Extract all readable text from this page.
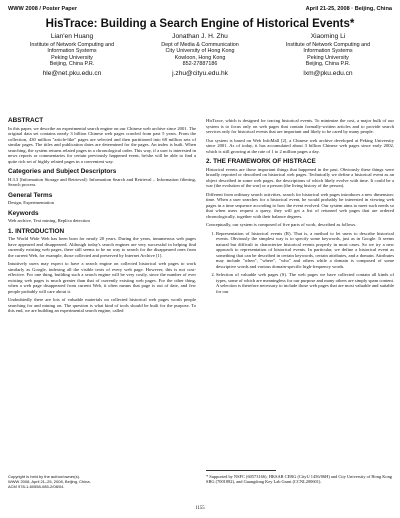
WWW 2008 / Poster Paper	April 21-25, 2008 · Beijing, China
HisTrace: Building a Search Engine of Historical Events*
Lian'en Huang
Institute of Network Computing and
Information Systems
Peking University
Beijing, China P.R.
hle@net.pku.edu.cn
Jonathan J. H. Zhu
Dept of Media & Communication
City University of Hong Kong
Kowloon, Hong Kong
852-27887186
j.zhu@cityu.edu.hk
Xiaoming Li
Institute of Network Computing and
Information Systems
Peking University
Beijing, China P.R.
lxm@pku.edu.cn
ABSTRACT

In this paper, we describe an experimental search engine on our Chinese web archive since 2001. The original data set contains nearly 3 billion Chinese web pages crawled from past 5 years. From the collection, 430 million "article-like" pages are selected and then partitioned into 68 million sets of similar pages. The titles and publication dates are determined for the pages. An index is built. When searching, the system returns related pages in a chronological order. This way, if a user is interested in news reports or commentaries for certain previously happened event, he/she will be able to find a quite rich set of highly related pages in a convenient way.

Categories and Subject Descriptors

H.3.3 [Information Storage and Retrieval]: Information Search and Retrieval – Information filtering, Search process

General Terms

Design, Experimentation

Keywords

Web archive, Text mining, Replica detection

1. INTRODUCTION

The World Wide Web has been born for nearly 20 years. During the years, innumerous web pages have appeared and disappeared. Although today's search engines are very successful in helping find currently existing web pages, there still seems to be no way to search for the disappeared ones from the current Web, for example, those collected and preserved by Internet Archive [1].

Intuitively users may expect to have a search engine on collected historical web pages to work similarly as Google, indexing all the visible texts of every web page. However, this is not cost-effective. For one thing, building such a search engine will be very costly, since the number of ever existing web pages is much greater than that of currently existing web pages. For the other thing, when a web page disappeared from current Web, it often means that page is out of date, and few people probably will care about it.

Undoubtedly there are lots of valuable materials on collected historical web pages worth people searching for and mining on. The question is what kind of tools should be built for the purpose. To this end, we are building an experimental search engine, called

HisTrace, which is designed for tracing historical events. To minimize the cost, a major bulk of our system is to focus only on web pages that contain formally-written articles and to provide search services only for historical events that are important and likely to be cared by many people.

Our system is based on Web InfoMall [2], a Chinese web archive developed at Peking University since 2001. As of today, it has accumulated about 3 billion Chinese web pages since early 2002, which is still growing at the rate of 1 to 2 million pages a day.

2. THE FRAMEWORK OF HISTRACE

Historical events are those important things that happened in the past. Obviously these things were broadly reported or described on historical web pages. Technically we define a historical event as an object described in some web pages, the descriptions of which likely evolve with time. It could be a war (the evolution of the war) or a person (the living history of the person).

Different from ordinary search activities, search for historical web pages introduces a new dimension: time. When a user searches for a historical event, he would probably be interested in viewing web pages in a time sequence according to how the event evolved. Our system aims to meet such needs so that when users request a query, they will get a list of returned web pages that are ordered chronologically, together with their balance degrees.

Conceptually, our system is composed of five parts of work, described as follows.

1. Representation of historical events (R). That is, a method to let users to describe historical events. Obviously the simplest way is to specify some keywords, just as in Google. It seems natural but difficult to characterize historical events properly in most cases. So we try a new approach to representation of historical events. In particular, we define a historical event as something that can be described in certain keywords, certain attributes, and a domain. Attributes may include "when", "where", "who" and others while a domain is composed of some descriptive words and various domain-specific high-frequency words.
2. Selection of valuable web pages (S). The web pages we have collected contain all kinds of types, some of which are meaningless for our purpose and many others are simply spam content. A selection is therefore necessary to include those web pages that are most valuable and suitable for our
Copyright is held by the author/owner(s).
WWW 2008, April 21–25, 2008, Beijing, China.
ACM 978-1-60558-085-2/08/04.
* Supported by NSFC (60573166), HKSAR CERG (CityU 1456/06H) and City University of Hong Kong SRG (7001882), and Guangdong Key Lab Grant (CCNL200601).
1155
